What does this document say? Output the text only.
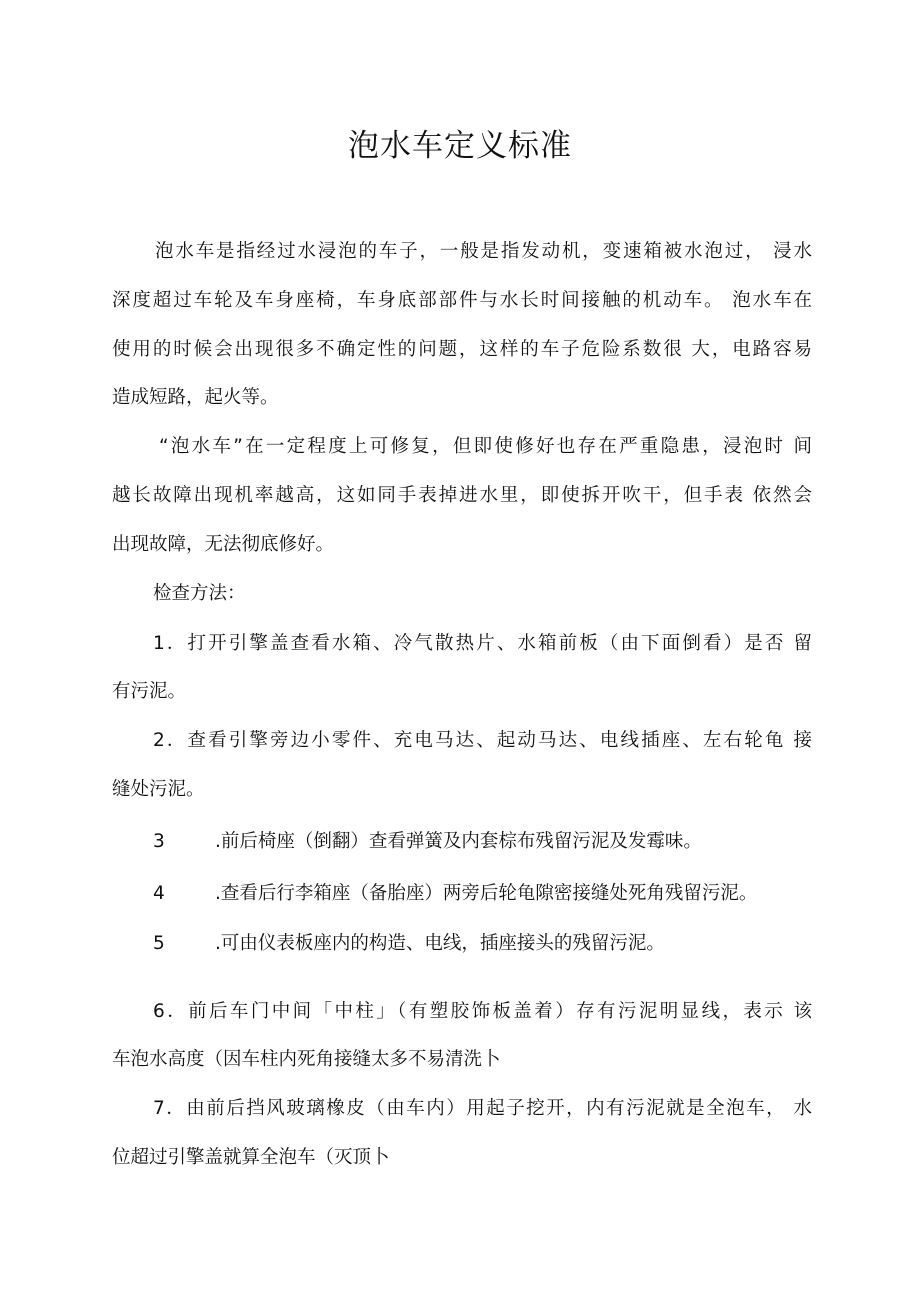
泡水车定义标准
泡水车是指经过水浸泡的车子，一般是指发动机，变速箱被水泡过， 浸水
深度超过车轮及车身座椅，车身底部部件与水长时间接触的机动车。 泡水车在
使用的时候会出现很多不确定性的问题，这样的车子危险系数很 大，电路容易
造成短路，起火等。
“泡水车”在一定程度上可修复，但即使修好也存在严重隐患，浸泡时 间
越长故障出现机率越高，这如同手表掉进水里，即使拆开吹干，但手表 依然会
出现故障，无法彻底修好。
检查方法：
1．打开引擎盖查看水箱、冷气散热片、水箱前板（由下面倒看）是否 留
有污泥。
2．查看引擎旁边小零件、充电马达、起动马达、电线插座、左右轮龟 接
缝处污泥。
3	.前后椅座（倒翻）查看弹簧及内套棕布残留污泥及发霉味。
4	.查看后行李箱座（备胎座）两旁后轮龟隙密接缝处死角残留污泥。
5	.可由仪表板座内的构造、电线，插座接头的残留污泥。
6．前后车门中间「中柱」（有塑胶饰板盖着）存有污泥明显线，表示 该
车泡水高度（因车柱内死角接缝太多不易清洗卜
7．由前后挡风玻璃橡皮（由车内）用起子挖开，内有污泥就是全泡车， 水
位超过引擎盖就算全泡车（灭顶卜
